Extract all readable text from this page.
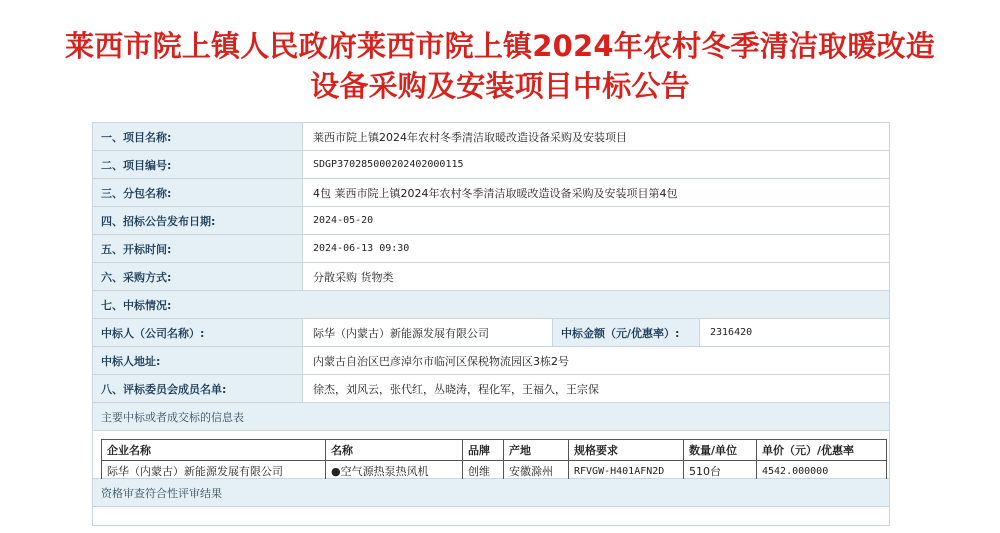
莱西市院上镇人民政府莱西市院上镇2024年农村冬季清洁取暖改造
设备采购及安装项目中标公告
一、项目名称:	莱西市院上镇2024年农村冬季清洁取暖改造设备采购及安装项目
二、项目编号:	SDGP370285000202402000115
三、分包名称:	4包 莱西市院上镇2024年农村冬季清洁取暖改造设备采购及安装项目第4包
四、招标公告发布日期:	2024-05-20
五、开标时间:	2024-06-13 09:30
六、采购方式:	分散采购 货物类
七、中标情况:
中标人（公司名称）:	际华（内蒙古）新能源发展有限公司	中标金额（元/优惠率）:	2316420
中标人地址:	内蒙古自治区巴彦淖尔市临河区保税物流园区3栋2号
八、评标委员会成员名单:	徐杰，刘风云，张代红，丛晓涛，程化军，王福久，王宗保
主要中标或者成交标的信息表
企业名称	名称	品牌	产地	规格要求	数量/单位	单价（元）/优惠率
际华（内蒙古）新能源发展有限公司	●空气源热泵热风机	创维	安徽滁州	RFVGW-H401AFN2D	510台	4542.000000
资格审查符合性评审结果
